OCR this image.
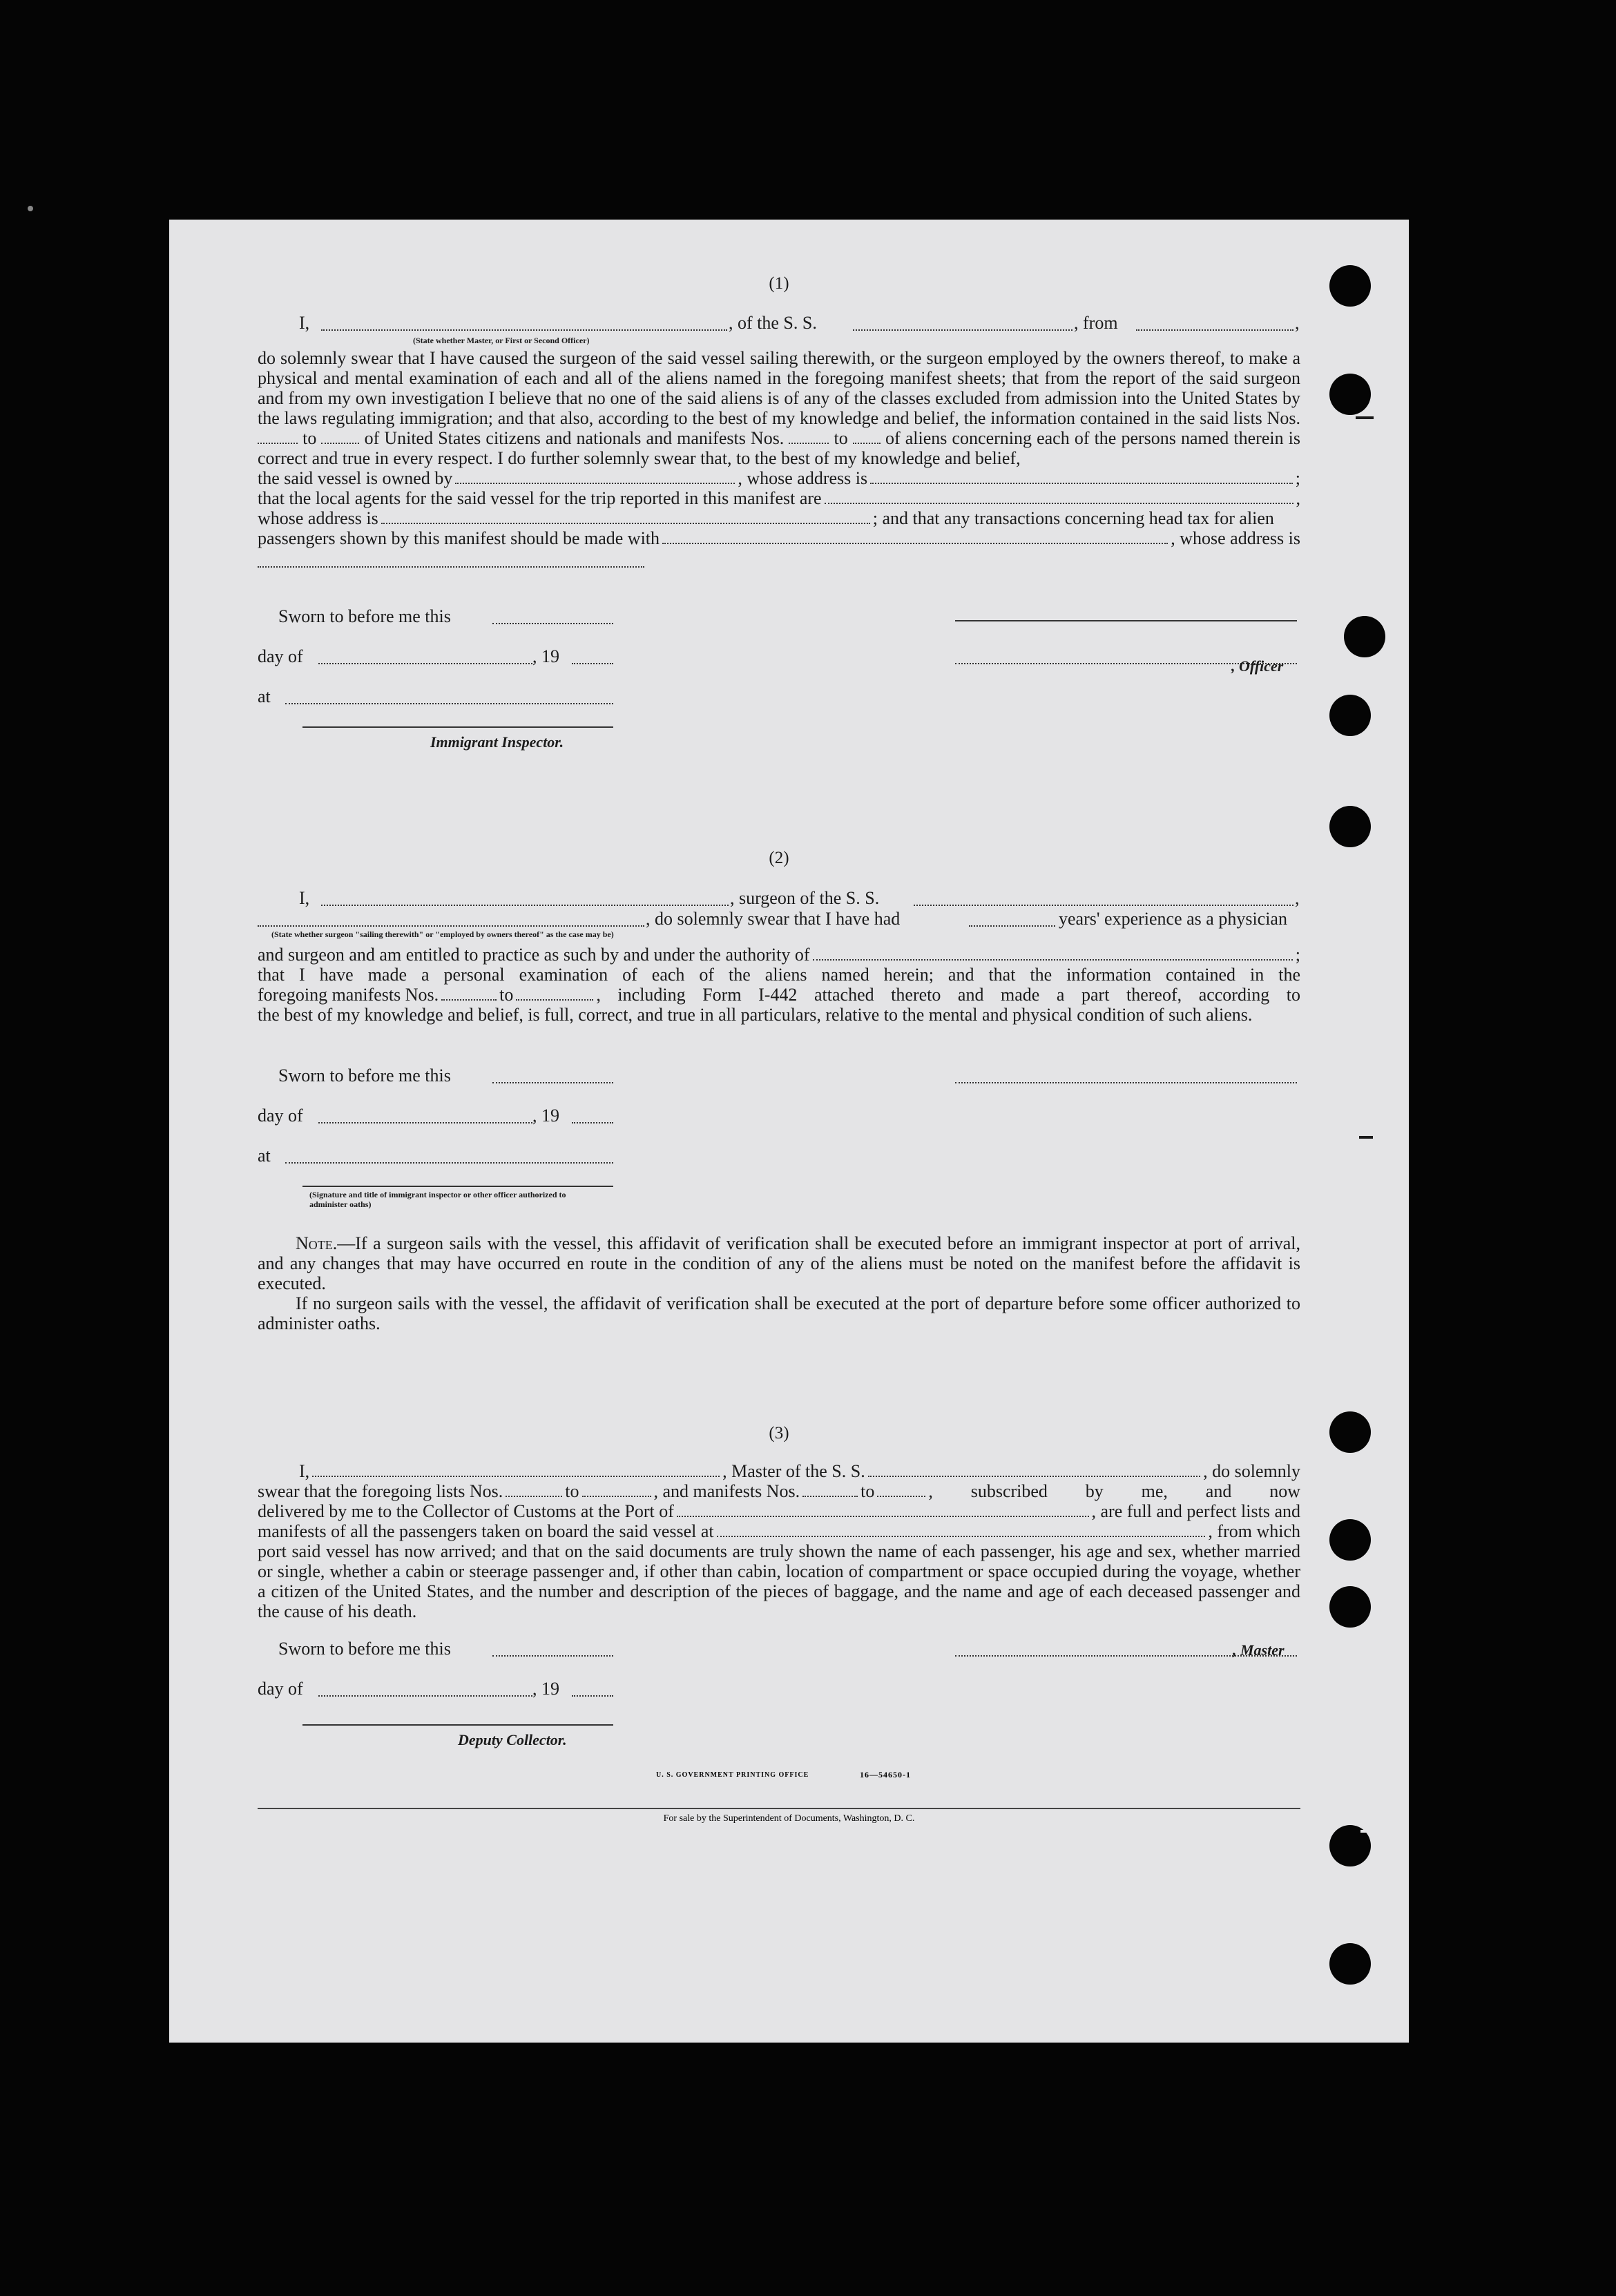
(1)
I,	, of the S. S.	, from	,
(State whether Master, or First or Second Officer)
do solemnly swear that I have caused the surgeon of the said vessel sailing therewith, or the surgeon employed by the owners thereof, to make a physical and mental examination of each and all of the aliens named in the foregoing manifest sheets; that from the report of the said surgeon and from my own investigation I believe that no one of the said aliens is of any of the classes excluded from admission into the United States by the laws regulating immigration; and that also, according to the best of my knowledge and belief, the information contained in the said lists Nos.  to	of United States citizens and nationals and manifests Nos.	to of aliens concerning each of the persons named therein is correct and true in every respect. I do further solemnly swear that, to the best of my knowledge and belief,
the said vessel is owned by	, whose address is	;
that the local agents for the said vessel for the trip reported in this manifest are	,
whose address is	; and that any transactions concerning head tax for alien
passengers shown by this manifest should be made with	, whose address is
Sworn to before me this
day of	, 19	, Officer
at
Immigrant Inspector.
(2)
I,	, surgeon of the S. S.	,
, do solemnly swear that I have had	years' experience as a physician
(State whether surgeon "sailing therewith" or "employed by owners thereof" as the case may be)
and surgeon and am entitled to practice as such by and under the authority of	;
that I have made a personal examination of each of the aliens named herein; and that the information contained in the
foregoing manifests Nos.	to	, including Form I-442 attached thereto and made a part thereof, according to
the best of my knowledge and belief, is full, correct, and true in all particulars, relative to the mental and physical condition of such aliens.
Sworn to before me this
day of	, 19
at
(Signature and title of immigrant inspector or other officer authorized to administer oaths)
Note.—If a surgeon sails with the vessel, this affidavit of verification shall be executed before an immigrant inspector at port of arrival, and any changes that may have occurred en route in the condition of any of the aliens must be noted on the manifest before the affidavit is executed.
If no surgeon sails with the vessel, the affidavit of verification shall be executed at the port of departure before some officer authorized to administer oaths.
(3)
I,	, Master of the S. S.	, do solemnly
swear that the foregoing lists Nos.	to	, and manifests Nos.	to	, subscribed by me, and now
delivered by me to the Collector of Customs at the Port of	, are full and perfect lists and
manifests of all the passengers taken on board the said vessel at	, from which
port said vessel has now arrived; and that on the said documents are truly shown the name of each passenger, his age and sex, whether married or single, whether a cabin or steerage passenger and, if other than cabin, location of compartment or space occupied during the voyage, whether a citizen of the United States, and the number and description of the pieces of baggage, and the name and age of each deceased passenger and the cause of his death.
Sworn to before me this	, Master
day of	, 19
Deputy Collector.
U. S. GOVERNMENT PRINTING OFFICE	16—54650-1
For sale by the Superintendent of Documents, Washington, D. C.
